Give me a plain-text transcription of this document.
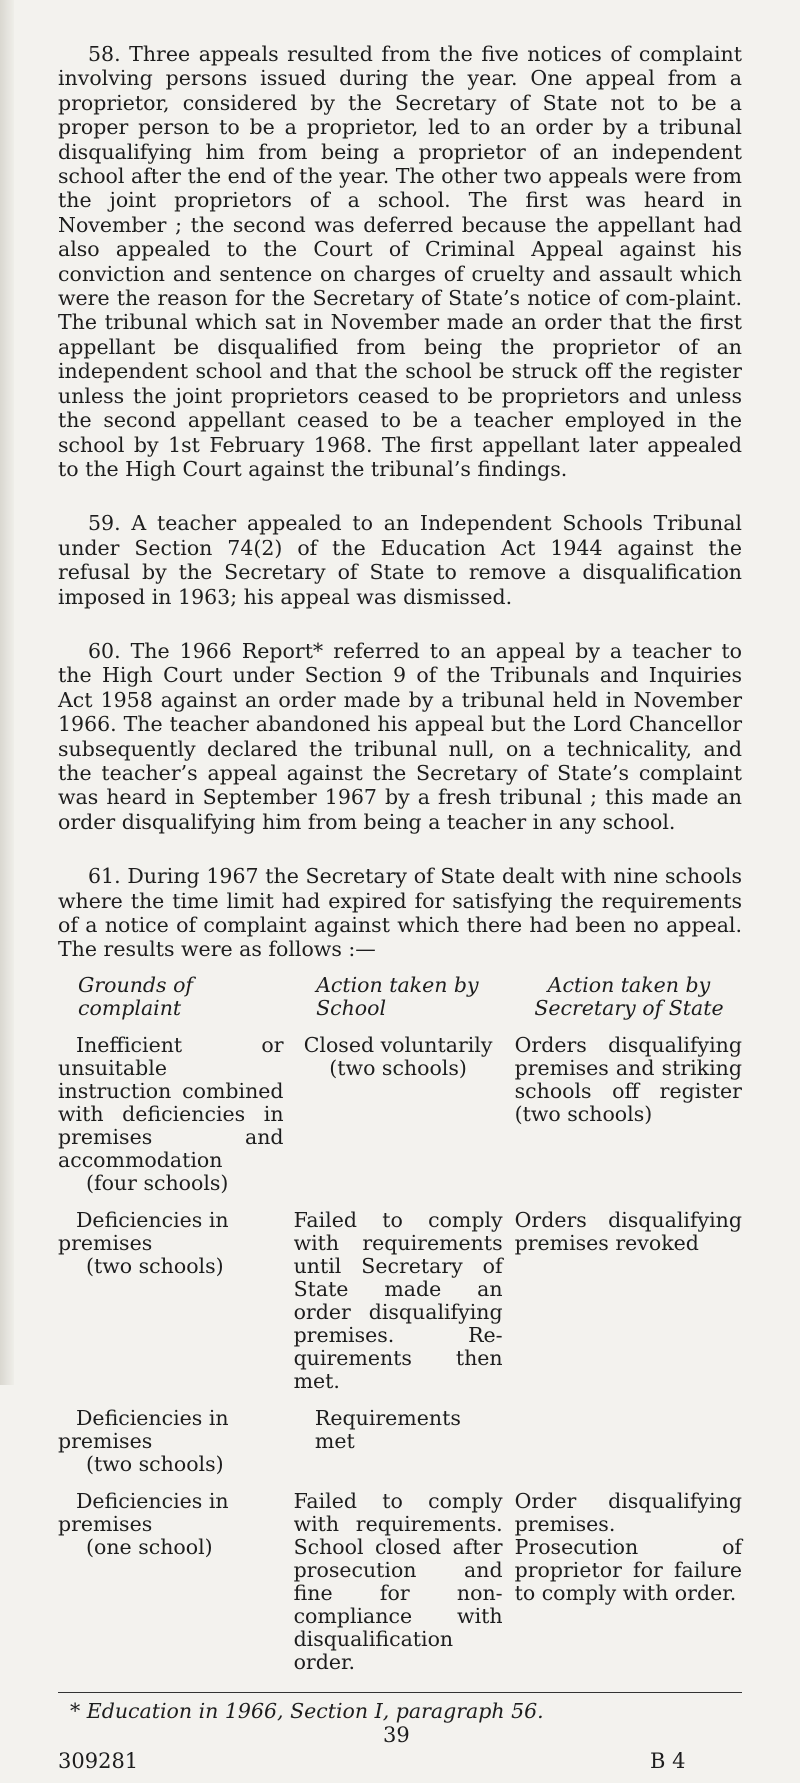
58. Three appeals resulted from the five notices of complaint involving persons issued during the year. One appeal from a proprietor, considered by the Secretary of State not to be a proper person to be a proprietor, led to an order by a tribunal disqualifying him from being a proprietor of an independent school after the end of the year. The other two appeals were from the joint proprietors of a school. The first was heard in November ; the second was deferred because the appellant had also appealed to the Court of Criminal Appeal against his conviction and sentence on charges of cruelty and assault which were the reason for the Secretary of State’s notice of com-plaint. The tribunal which sat in November made an order that the first appellant be disqualified from being the proprietor of an independent school and that the school be struck off the register unless the joint proprietors ceased to be proprietors and unless the second appellant ceased to be a teacher employed in the school by 1st February 1968. The first appellant later appealed to the High Court against the tribunal’s findings.

59. A teacher appealed to an Independent Schools Tribunal under Section 74(2) of the Education Act 1944 against the refusal by the Secretary of State to remove a disqualification imposed in 1963; his appeal was dismissed.

60. The 1966 Report* referred to an appeal by a teacher to the High Court under Section 9 of the Tribunals and Inquiries Act 1958 against an order made by a tribunal held in November 1966. The teacher abandoned his appeal but the Lord Chancellor subsequently declared the tribunal null, on a technicality, and the teacher’s appeal against the Secretary of State’s complaint was heard in September 1967 by a fresh tribunal ; this made an order disqualifying him from being a teacher in any school.

61. During 1967 the Secretary of State dealt with nine schools where the time limit had expired for satisfying the requirements of a notice of complaint against which there had been no appeal. The results were as follows :—

Grounds of complaint
Action taken by School
Action taken by Secretary of State
Inefficient or unsuitable instruction combined with deficiencies in premises and accommodation
(four schools)
Closed voluntarily (two schools)
Orders disqualifying premises and striking schools off register (two schools)
Deficiencies in premises
(two schools)
Failed to comply with requirements until Secretary of State made an order disqualifying premises. Re-quirements then met.
Orders disqualifying premises revoked
Deficiencies in premises
(two schools)
Requirements met
Deficiencies in premises
(one school)
Failed to comply with requirements. School closed after prosecution and fine for non-compliance with disqualification order.
Order disqualifying premises. Prosecution of proprietor for failure to comply with order.
* Education in 1966, Section I, paragraph 56.
39
309281	B 4
